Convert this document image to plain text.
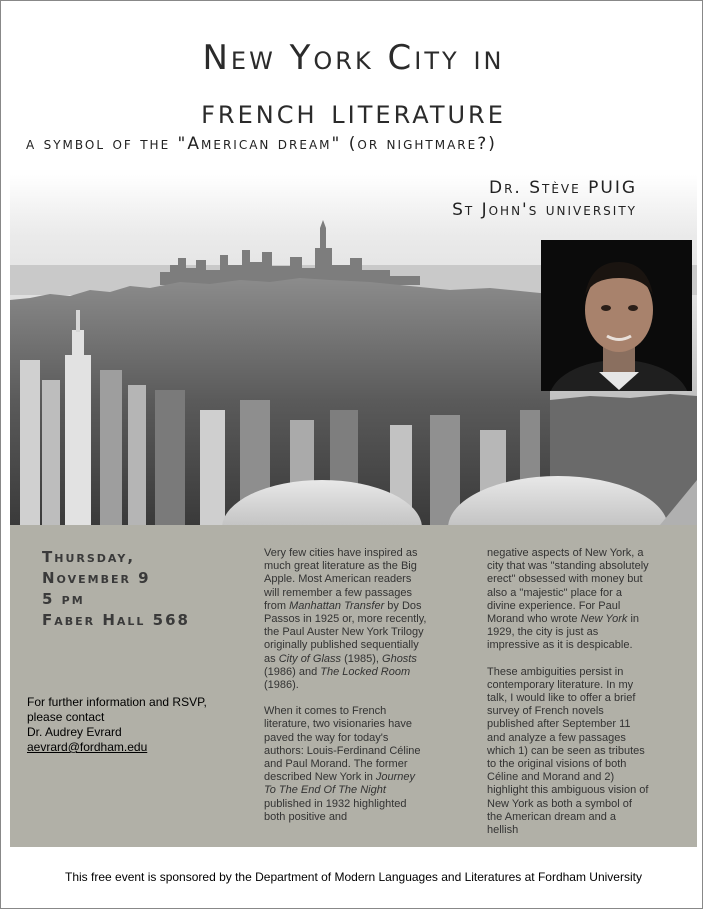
New York City in
french literature
a symbol of the "American dream" (or nightmare?)
Dr. Stève PUIG
St John's university
Thursday,
November 9
5 pm
Faber Hall 568
For further information and RSVP,
please contact
Dr. Audrey Evrard
aevrard@fordham.edu

Very few cities have inspired as much great literature as the Big Apple. Most American readers will remember a few passages from Manhattan Transfer by Dos Passos in 1925 or, more recently, the Paul Auster New York Trilogy originally published sequentially as City of Glass (1985), Ghosts (1986) and The Locked Room (1986).

When it comes to French literature, two visionaries have paved the way for today's authors: Louis-Ferdinand Céline and Paul Morand. The former described New York in Journey To The End Of The Night published in 1932 highlighted both positive and

negative aspects of New York, a city that was "standing absolutely erect" obsessed with money but also a "majestic" place for a divine experience. For Paul Morand who wrote New York in 1929, the city is just as impressive as it is despicable.

These ambiguities persist in contemporary literature. In my talk, I would like to offer a brief survey of French novels published after September 11 and analyze a few passages which 1) can be seen as tributes to the original visions of both Céline and Morand and 2) highlight this ambiguous vision of New York as both a symbol of the American dream and a hellish

This free event is sponsored by the Department of Modern Languages and Literatures at Fordham University
